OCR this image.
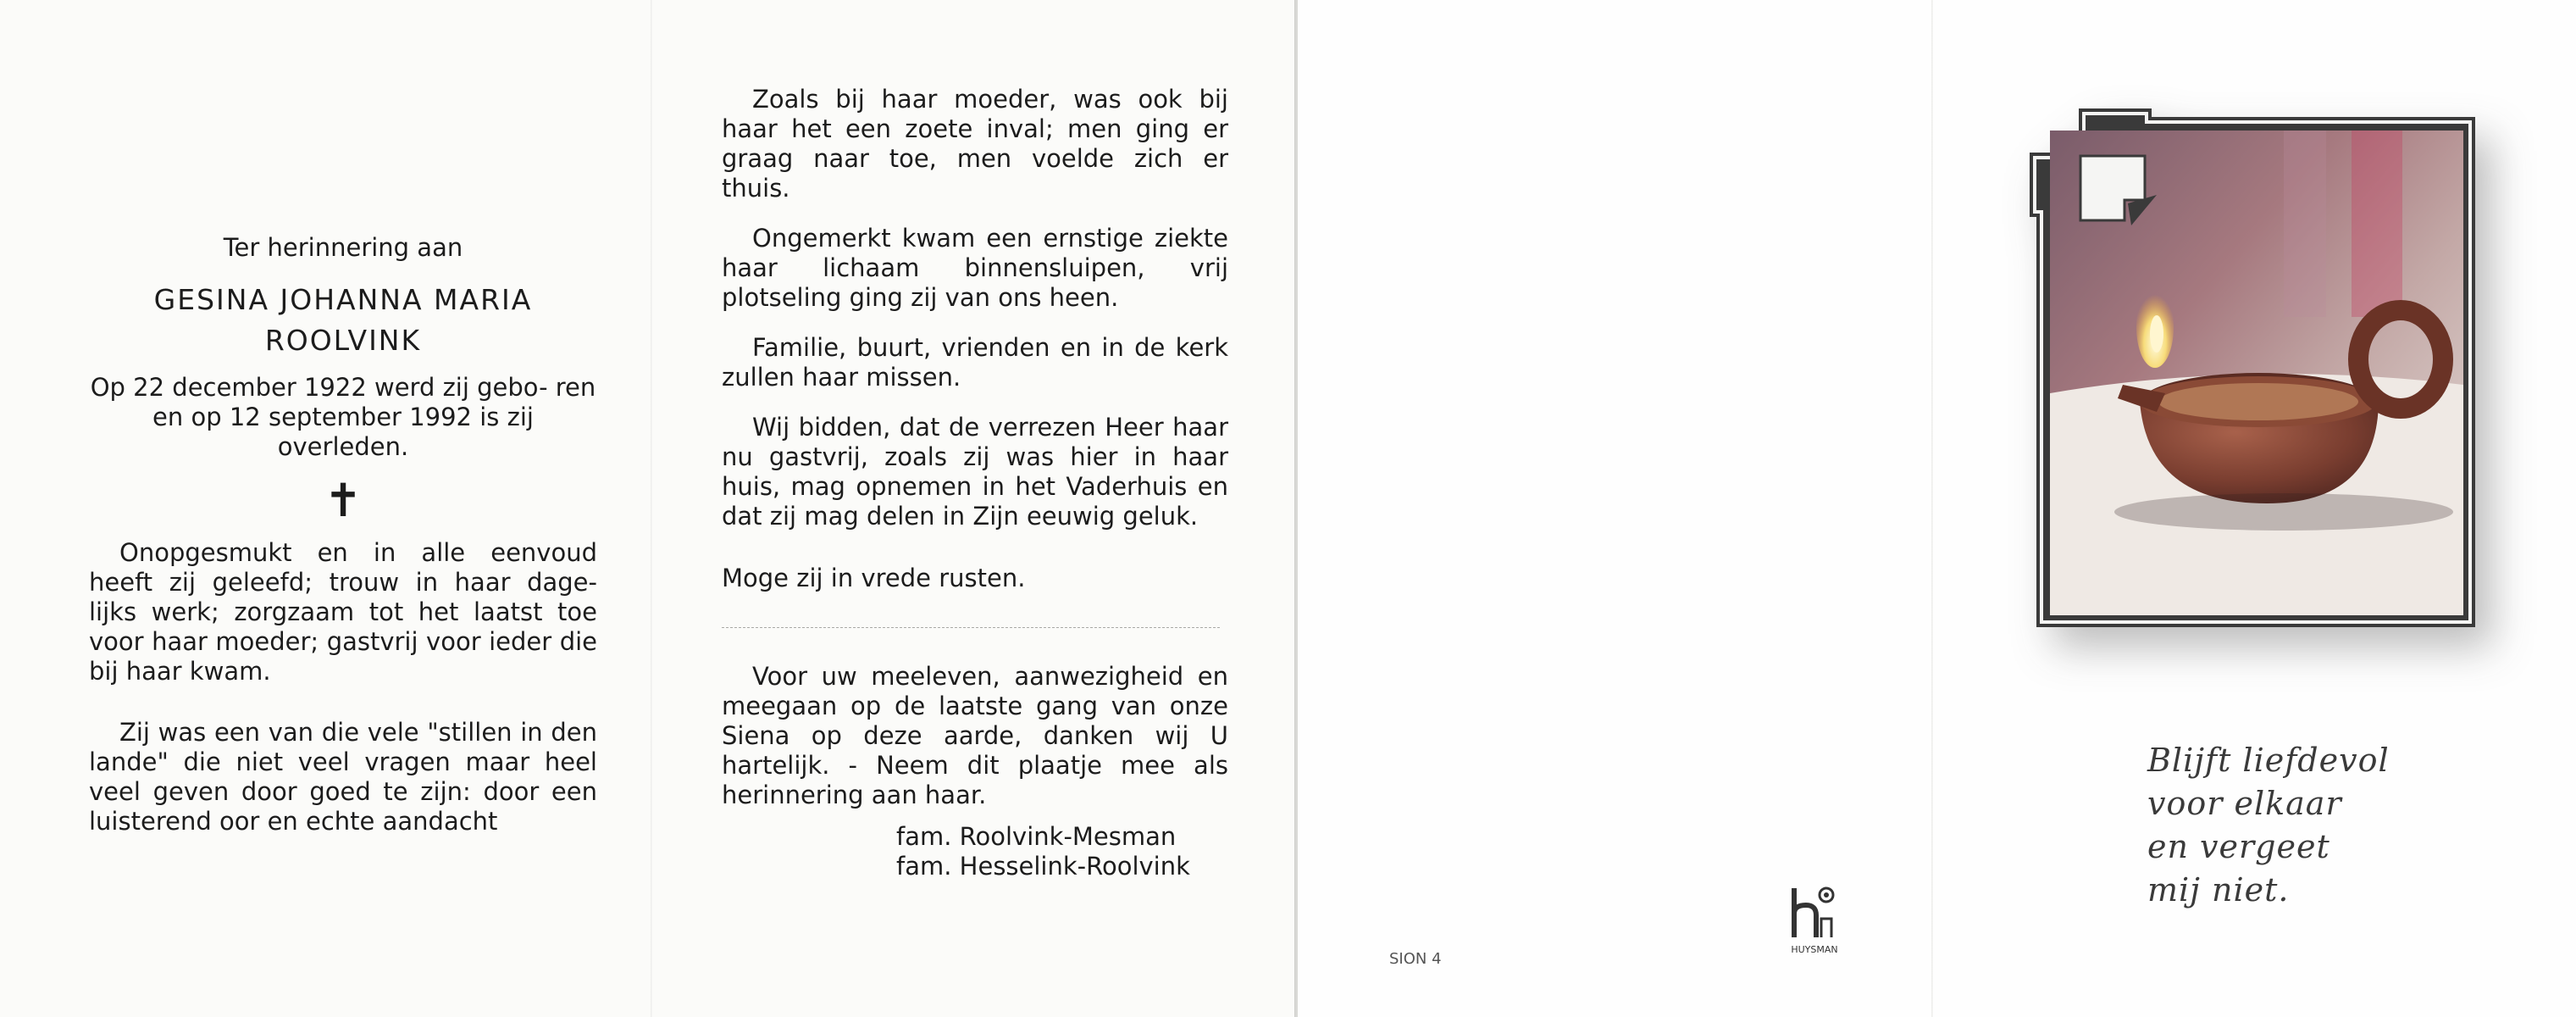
Ter herinnering aan

GESINA JOHANNA MARIA
ROOLVINK

Op 22 december 1922 werd zij gebo- ren en op 12 september 1992 is zij overleden.

✝

Onopgesmukt en in alle eenvoud heeft zij geleefd; trouw in haar dage- lijks werk; zorgzaam tot het laatst toe voor haar moeder; gastvrij voor ieder die bij haar kwam.

Zij was een van die vele "stillen in den lande" die niet veel vragen maar heel veel geven door goed te zijn: door een luisterend oor en echte aandacht

Zoals bij haar moeder, was ook bij haar het een zoete inval; men ging er graag naar toe, men voelde zich er thuis.

Ongemerkt kwam een ernstige ziekte haar lichaam binnensluipen, vrij plotseling ging zij van ons heen.

Familie, buurt, vrienden en in de kerk zullen haar missen.

Wij bidden, dat de verrezen Heer haar nu gastvrij, zoals zij was hier in haar huis, mag opnemen in het Vaderhuis en dat zij mag delen in Zijn eeuwig geluk.

Moge zij in vrede rusten.

Voor uw meeleven, aanwezigheid en meegaan op de laatste gang van onze Siena op deze aarde, danken wij U hartelijk. - Neem dit plaatje mee als herinnering aan haar.

fam. Roolvink-Mesman

fam. Hesselink-Roolvink

SION 4
HUYSMAN
Blijft liefdevol
voor elkaar
en vergeet
mij niet.
